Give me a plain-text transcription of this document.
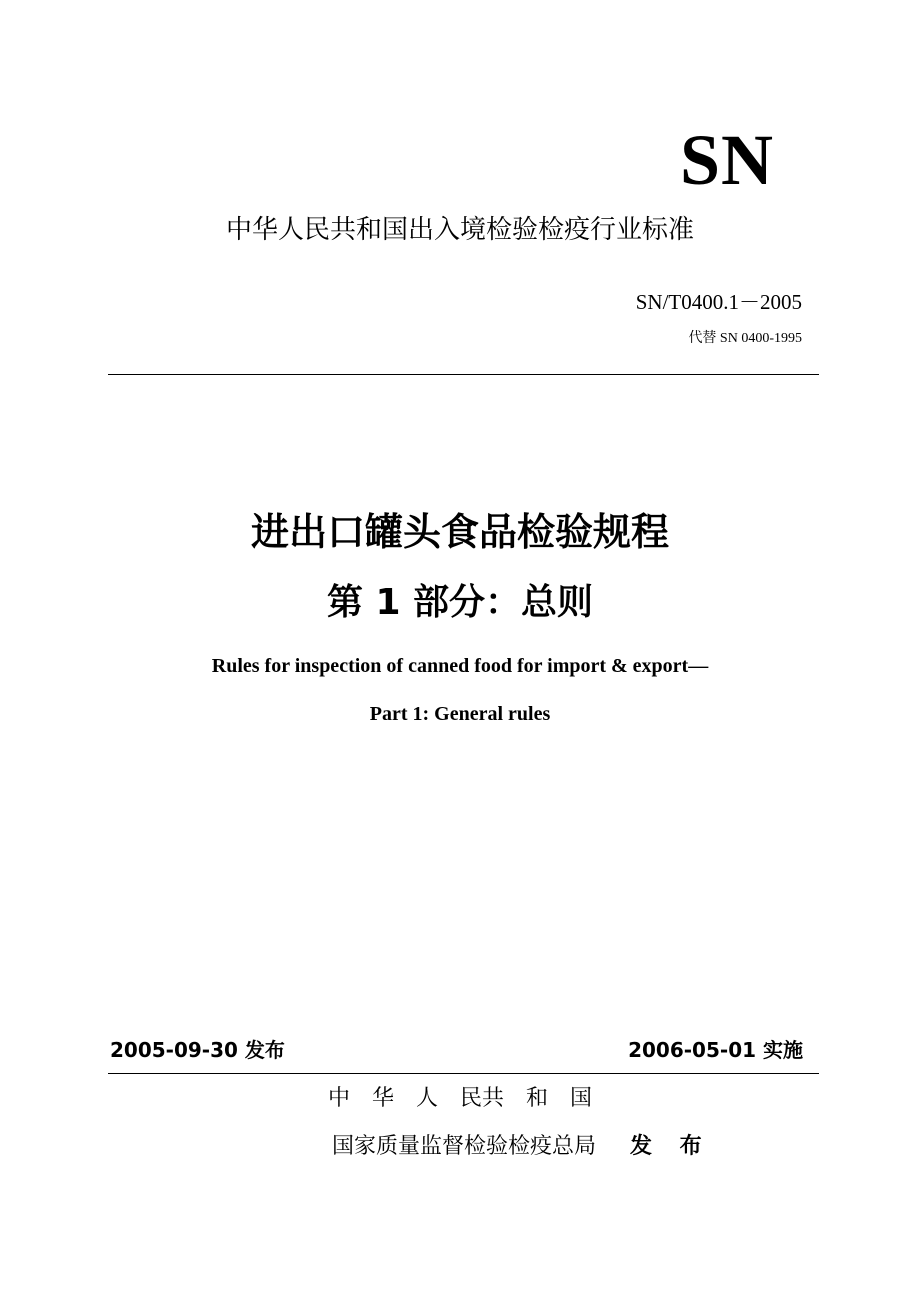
SN
中华人民共和国出入境检验检疫行业标准
SN/T0400.1－2005
代替 SN 0400-1995
进出口罐头食品检验规程
第 1 部分：总则
Rules for inspection of canned food for import & export—
Part 1: General rules
2005-09-30 发布	2006-05-01 实施
中 华 人 民共 和 国
国家质量监督检验检疫总局 发 布
